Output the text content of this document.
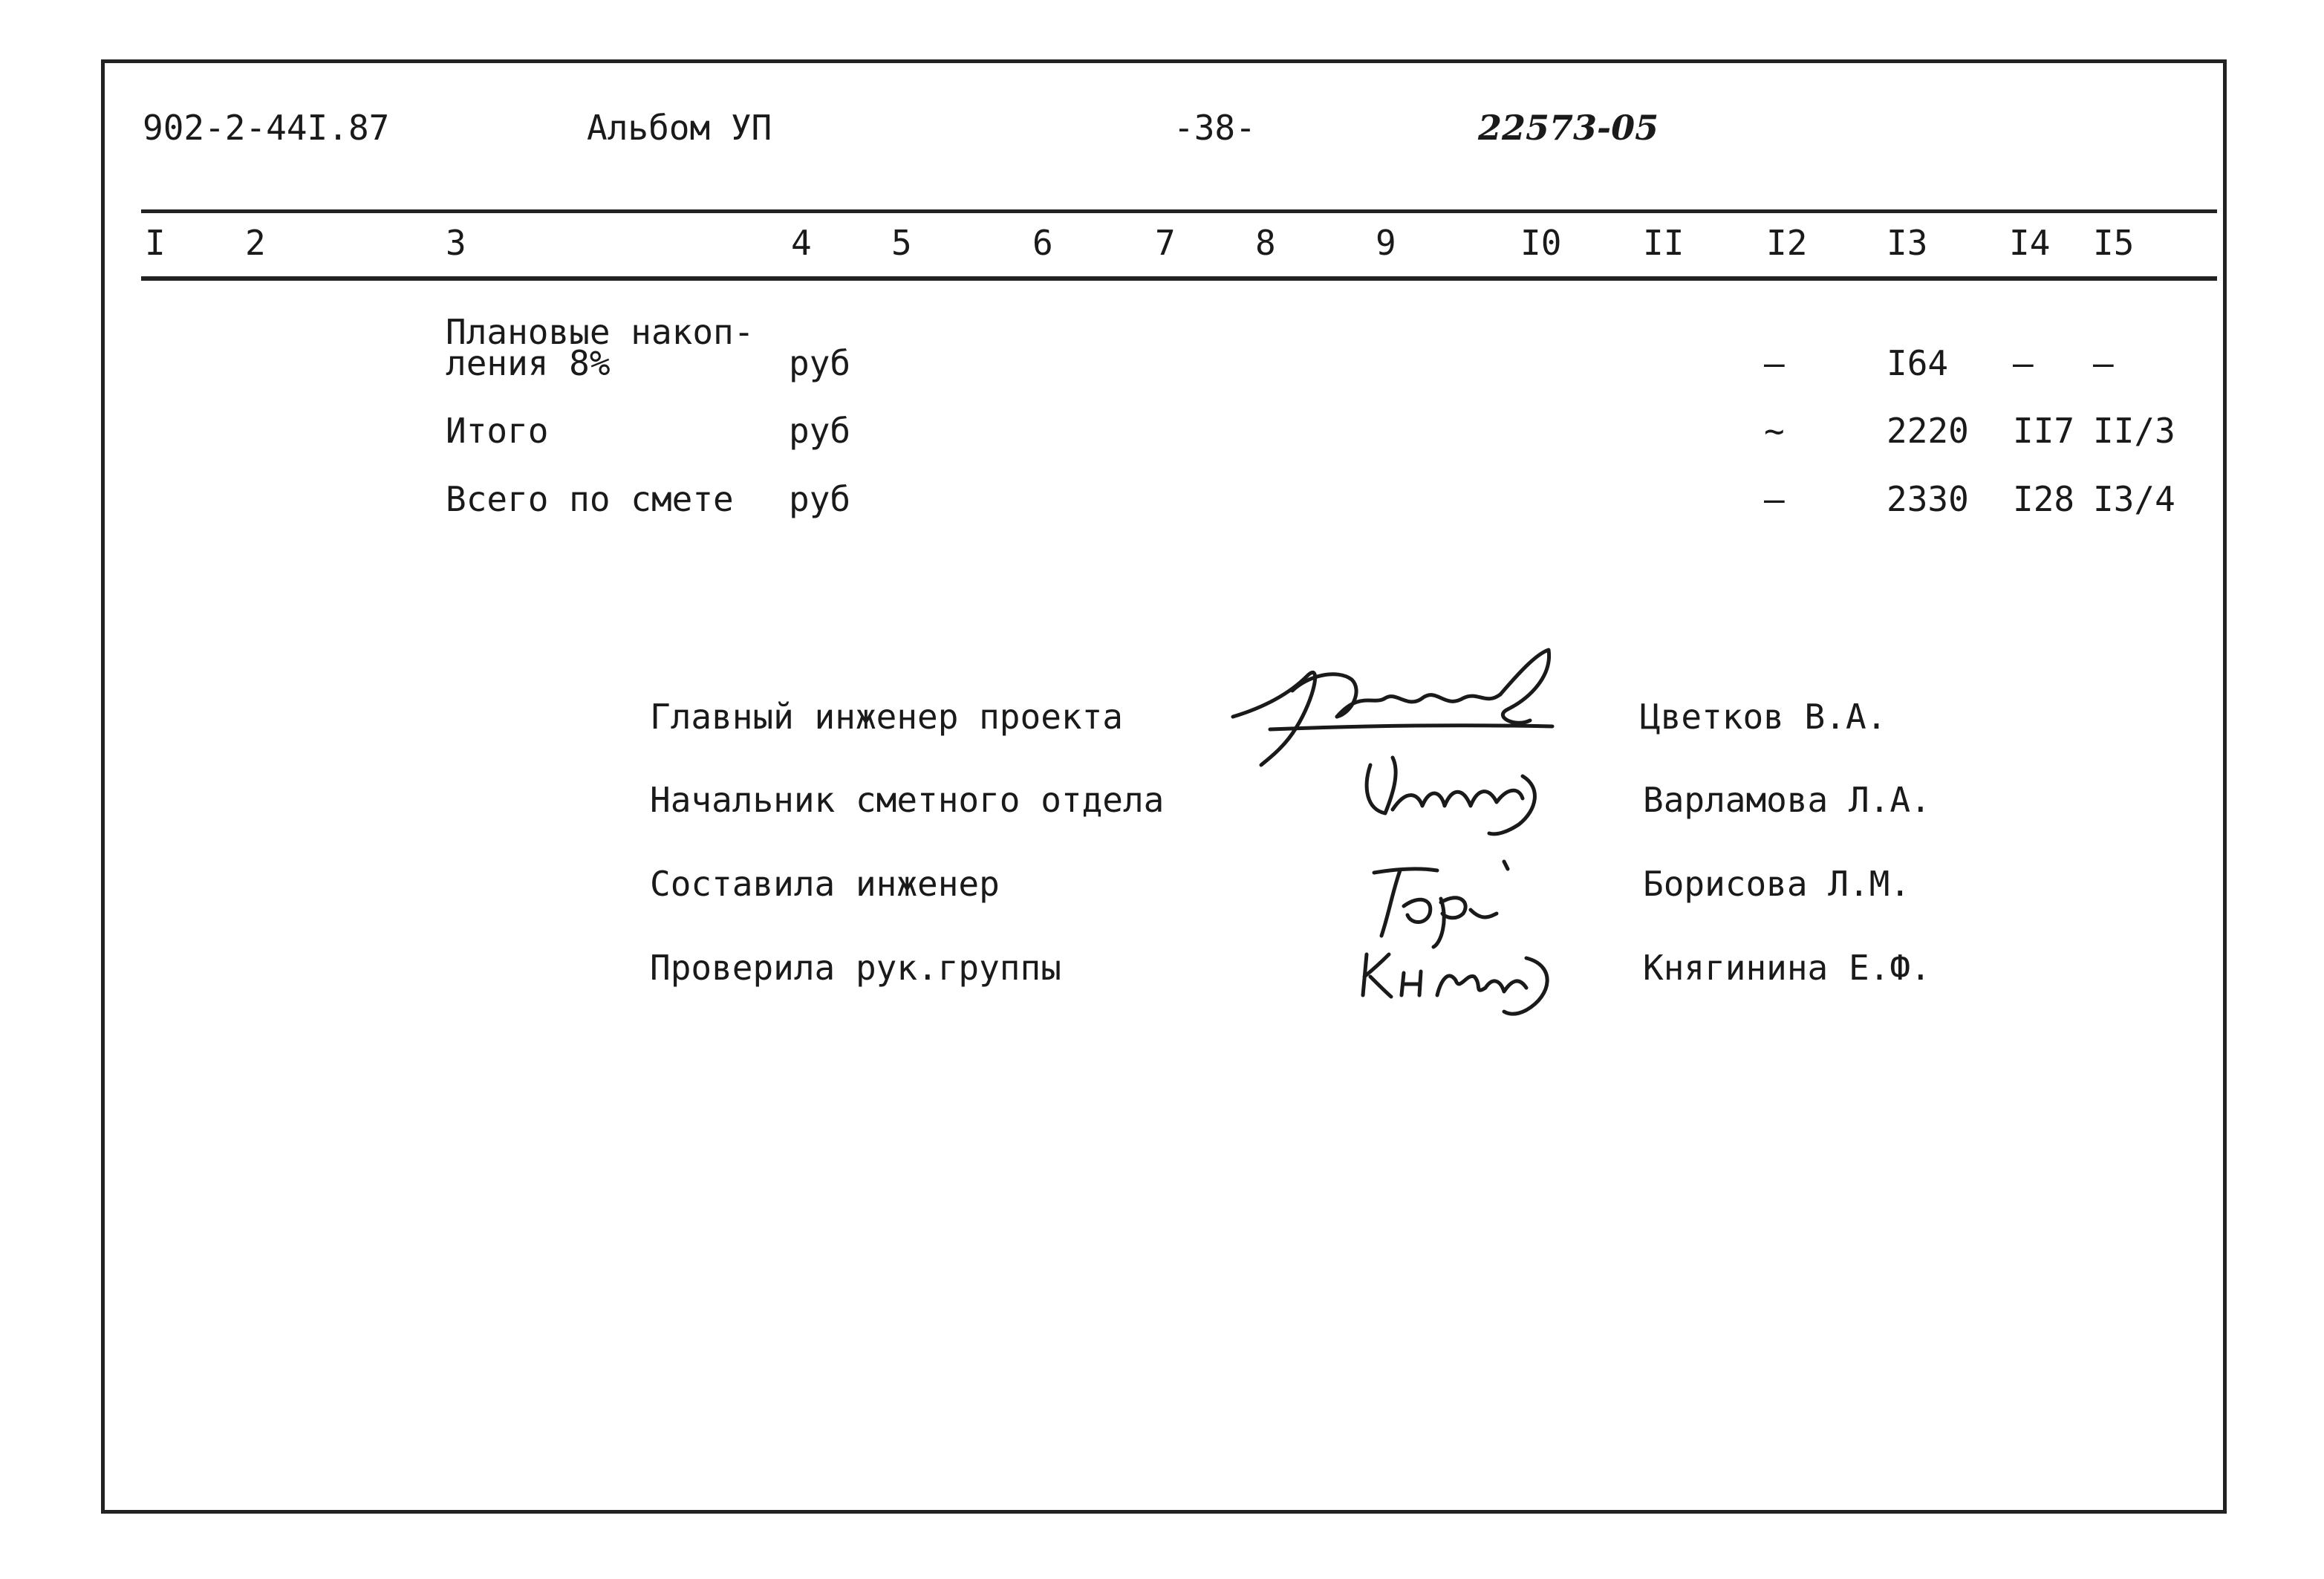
902-2-44I.87	Альбом УП	-38-	22573-05
I 2	3	4 5	6	7 8	9	I0 II I2 I3 I4 I5
Плановые накоп-
ления 8%	руб	–	I64 – –
Итого	руб	~	2220 II7 II/3
Всего по смете руб	–	2330 I28 I3/4
Главный инженер проекта	Цветков В.А.
Начальник сметного отдела	Варламова Л.А.
Составила инженер	Борисова Л.М.
Проверила рук.группы	Княгинина Е.Ф.
